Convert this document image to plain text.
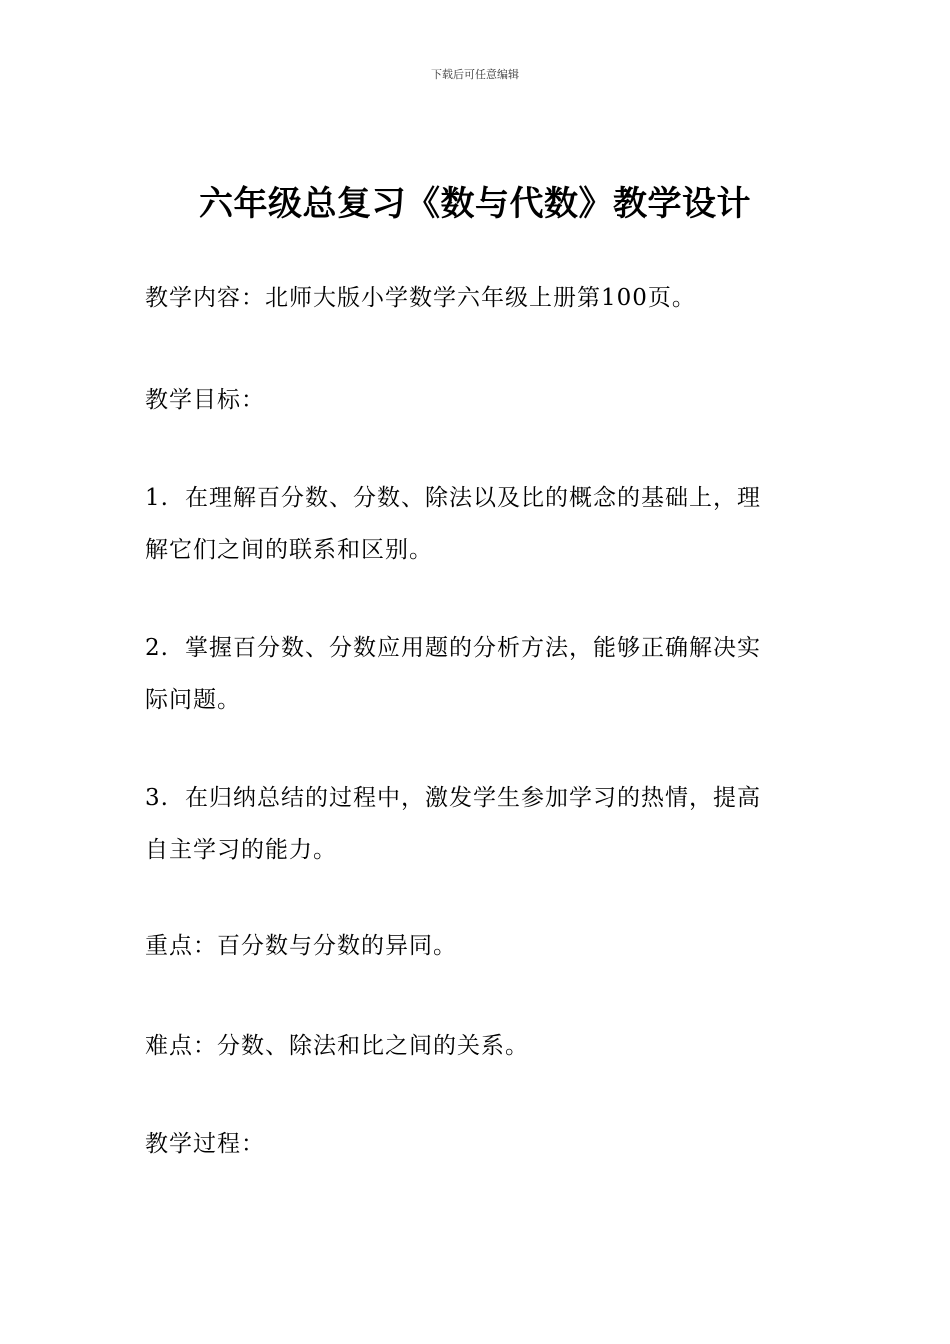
下载后可任意编辑
六年级总复习《数与代数》教学设计
教学内容：北师大版小学数学六年级上册第100页。
教学目标：
1. 在理解百分数、分数、除法以及比的概念的基础上，理
解它们之间的联系和区别。
2. 掌握百分数、分数应用题的分析方法，能够正确解决实
际问题。
3. 在归纳总结的过程中，激发学生参加学习的热情，提高
自主学习的能力。
重点：百分数与分数的异同。
难点：分数、除法和比之间的关系。
教学过程：
